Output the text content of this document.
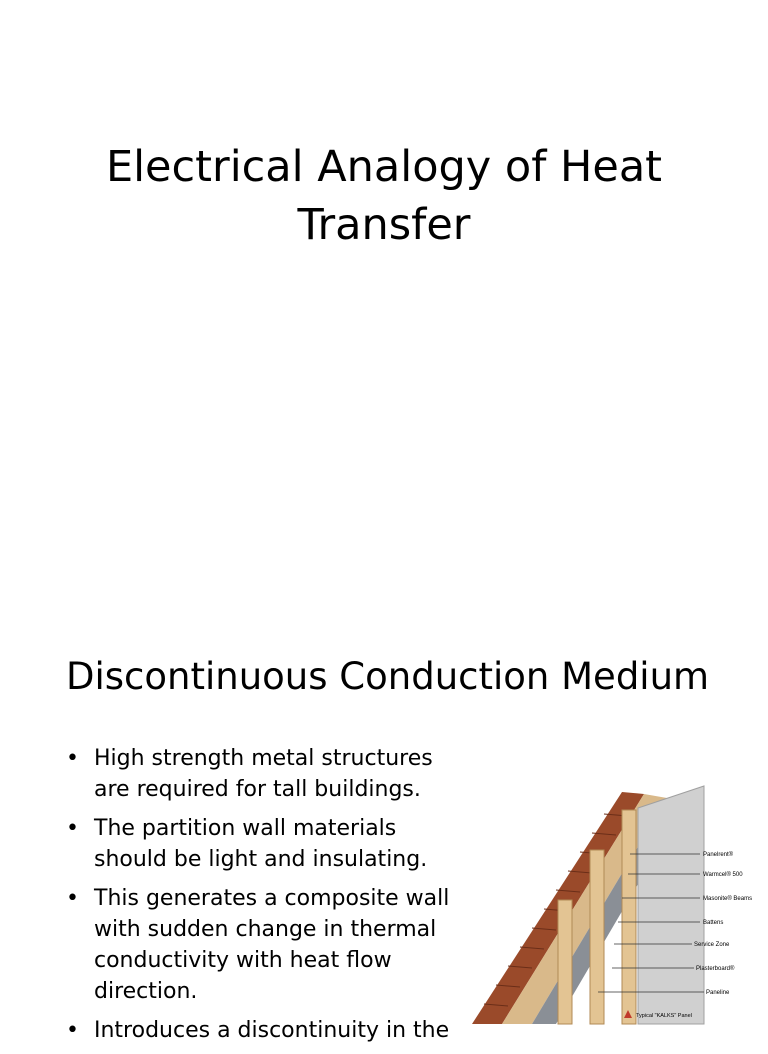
Electrical Analogy of Heat Transfer
Discontinuous Conduction Medium
• High strength metal structures are required for tall buildings.
• The partition wall materials should be light and insulating.
• This generates a composite wall with sudden change in thermal conductivity with heat flow direction.
• Introduces a discontinuity in the
Panelrent®
Warmcel® 500
Masonite® Beams
Battens
Service Zone
Plasterboard®
Paneline
Typical "KALKS" Panel
